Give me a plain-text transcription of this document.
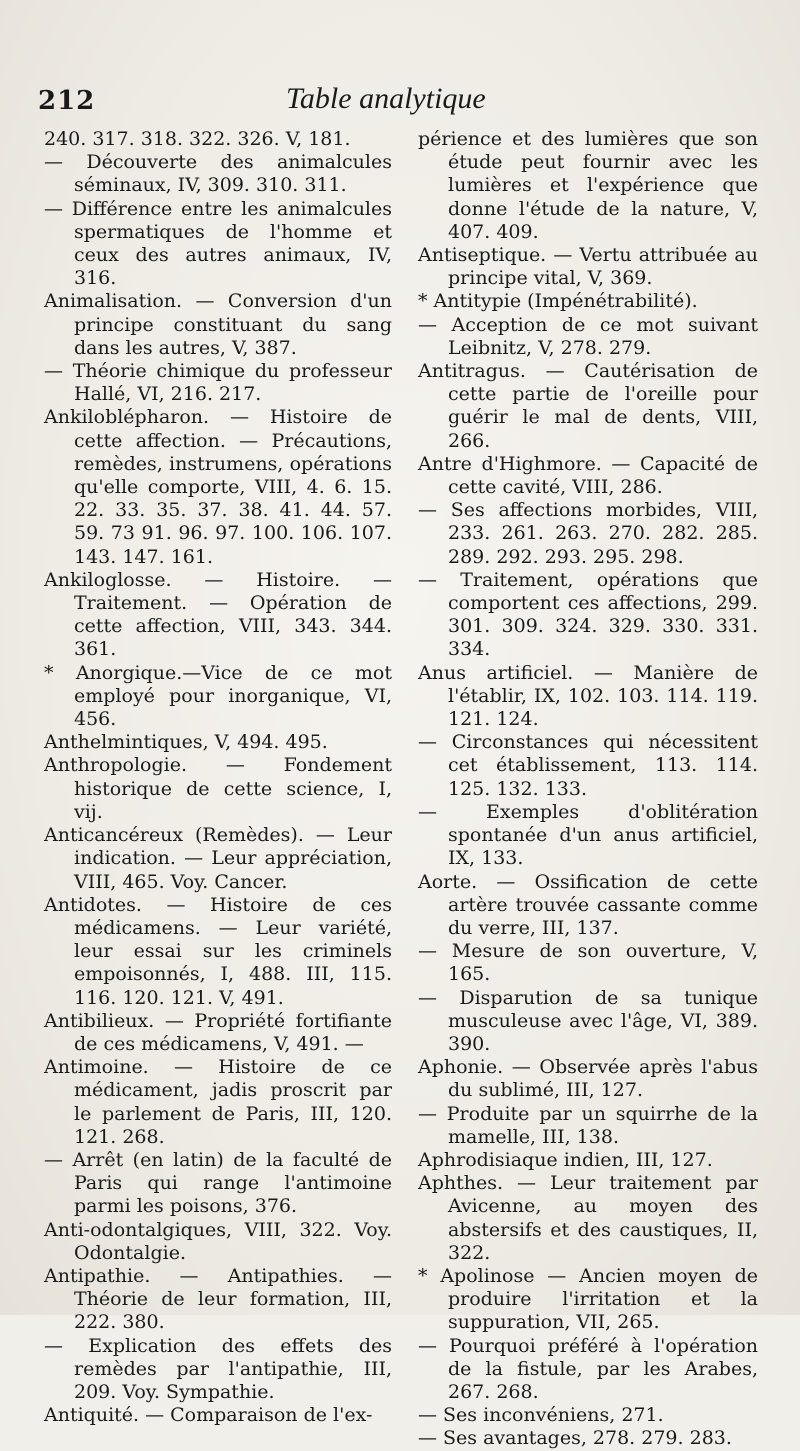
212	Table analytique
240. 317. 318. 322. 326. V, 181.
— Découverte des animalcules séminaux, IV, 309. 310. 311.
— Différence entre les animalcules spermatiques de l'homme et ceux des autres animaux, IV, 316.
Animalisation. — Conversion d'un principe constituant du sang dans les autres, V, 387.
— Théorie chimique du professeur Hallé, VI, 216. 217.
Ankiloblépharon. — Histoire de cette affection. — Précautions, remèdes, instrumens, opérations qu'elle comporte, VIII, 4. 6. 15. 22. 33. 35. 37. 38. 41. 44. 57. 59. 73 91. 96. 97. 100. 106. 107. 143. 147. 161.
Ankiloglosse. — Histoire. — Traitement. — Opération de cette affection, VIII, 343. 344. 361.
* Anorgique.—Vice de ce mot employé pour inorganique, VI, 456.
Anthelmintiques, V, 494. 495.
Anthropologie. — Fondement historique de cette science, I, vij.
Anticancéreux (Remèdes). — Leur indication. — Leur appréciation, VIII, 465. Voy. Cancer.
Antidotes. — Histoire de ces médicamens. — Leur variété, leur essai sur les criminels empoisonnés, I, 488. III, 115. 116. 120. 121. V, 491.
Antibilieux. — Propriété fortifiante de ces médicamens, V, 491. —
Antimoine. — Histoire de ce médicament, jadis proscrit par le parlement de Paris, III, 120. 121. 268.
— Arrêt (en latin) de la faculté de Paris qui range l'antimoine parmi les poisons, 376.
Anti-odontalgiques, VIII, 322. Voy. Odontalgie.
Antipathie. — Antipathies. — Théorie de leur formation, III, 222. 380.
— Explication des effets des remèdes par l'antipathie, III, 209. Voy. Sympathie.
Antiquité. — Comparaison de l'ex-
périence et des lumières que son étude peut fournir avec les lumières et l'expérience que donne l'étude de la nature, V, 407. 409.
Antiseptique. — Vertu attribuée au principe vital, V, 369.
* Antitypie (Impénétrabilité).
— Acception de ce mot suivant Leibnitz, V, 278. 279.
Antitragus. — Cautérisation de cette partie de l'oreille pour guérir le mal de dents, VIII, 266.
Antre d'Highmore. — Capacité de cette cavité, VIII, 286.
— Ses affections morbides, VIII, 233. 261. 263. 270. 282. 285. 289. 292. 293. 295. 298.
— Traitement, opérations que comportent ces affections, 299. 301. 309. 324. 329. 330. 331. 334.
Anus artificiel. — Manière de l'établir, IX, 102. 103. 114. 119. 121. 124.
— Circonstances qui nécessitent cet établissement, 113. 114. 125. 132. 133.
— Exemples d'oblitération spontanée d'un anus artificiel, IX, 133.
Aorte. — Ossification de cette artère trouvée cassante comme du verre, III, 137.
— Mesure de son ouverture, V, 165.
— Disparution de sa tunique musculeuse avec l'âge, VI, 389. 390.
Aphonie. — Observée après l'abus du sublimé, III, 127.
— Produite par un squirrhe de la mamelle, III, 138.
Aphrodisiaque indien, III, 127.
Aphthes. — Leur traitement par Avicenne, au moyen des abstersifs et des caustiques, II, 322.
* Apolinose — Ancien moyen de produire l'irritation et la suppuration, VII, 265.
— Pourquoi préféré à l'opération de la fistule, par les Arabes, 267. 268.
— Ses inconvéniens, 271.
— Ses avantages, 278. 279. 283.
